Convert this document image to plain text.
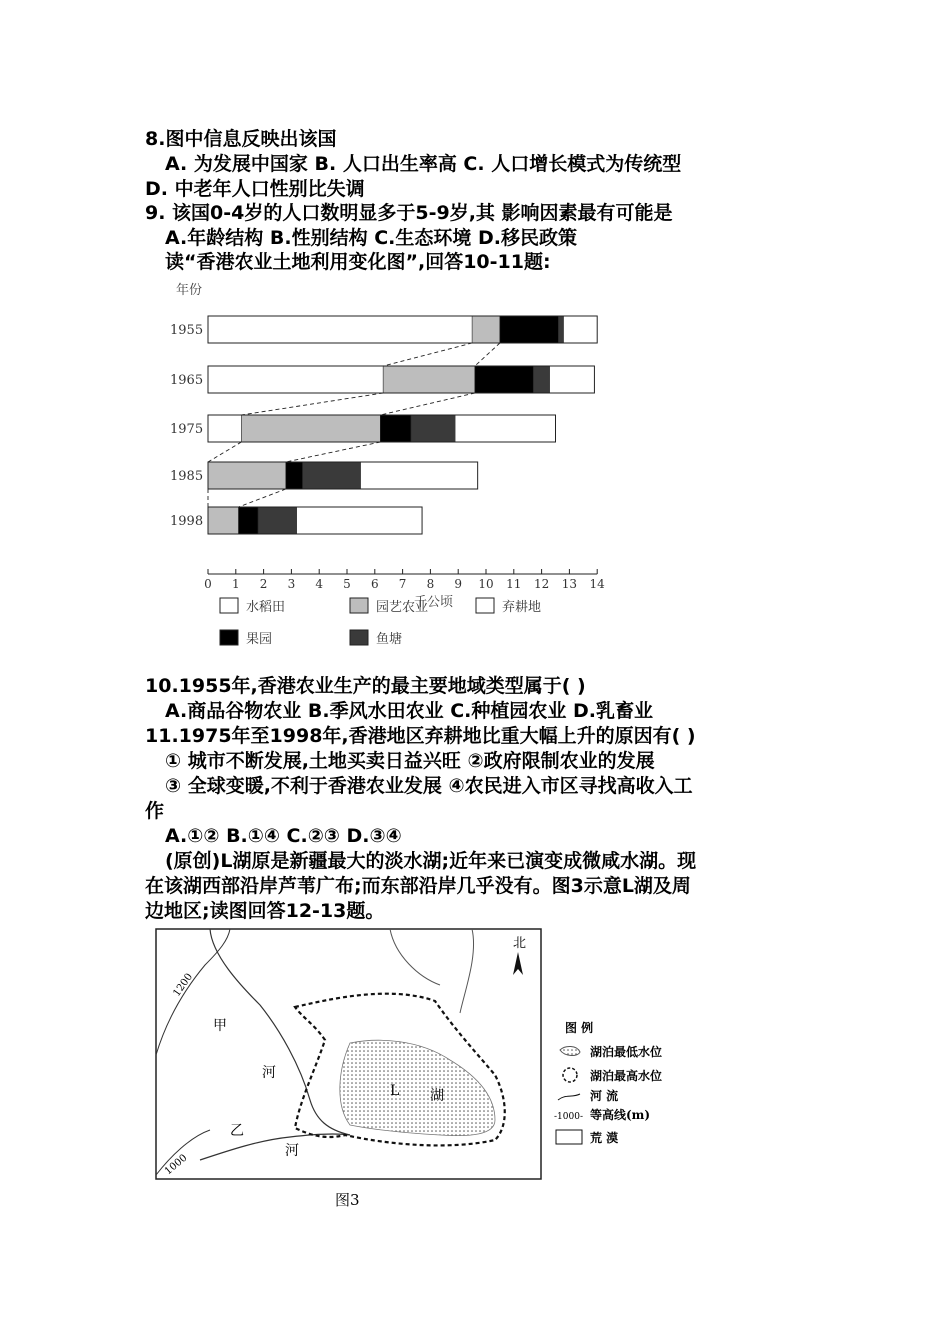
8.图中信息反映出该国
A. 为发展中国家 B. 人口出生率高 C. 人口增长模式为传统型
D. 中老年人口性别比失调
9. 该国0-4岁的人口数明显多于5-9岁,其 影响因素最有可能是
A.年龄结构 B.性别结构 C.生态环境 D.移民政策
读“香港农业土地利用变化图”,回答10-11题:
1955
1965
1975
1985
1998
0 1 2 3 4 5 6 7 8 9 10 11 12 13 14
年份
千公顷
水稻田	园艺农业	弃耕地
果园	鱼塘
10.1955年,香港农业生产的最主要地域类型属于( )
A.商品谷物农业 B.季风水田农业 C.种植园农业 D.乳畜业
11.1975年至1998年,香港地区弃耕地比重大幅上升的原因有( )
① 城市不断发展,土地买卖日益兴旺 ②政府限制农业的发展
③ 全球变暖,不利于香港农业发展 ④农民进入市区寻找高收入工
作
A.①② B.①④ C.②③ D.③④
(原创)L湖原是新疆最大的淡水湖;近年来已演变成微咸水湖。现
在该湖西部沿岸芦苇广布;而东部沿岸几乎没有。图3示意L湖及周
边地区;读图回答12-13题。
北
1200
1000
甲
河
乙
河
L 湖
图 例
湖泊最低水位
湖泊最高水位
河 流
-1000- 等高线(m)
荒 漠
图3
